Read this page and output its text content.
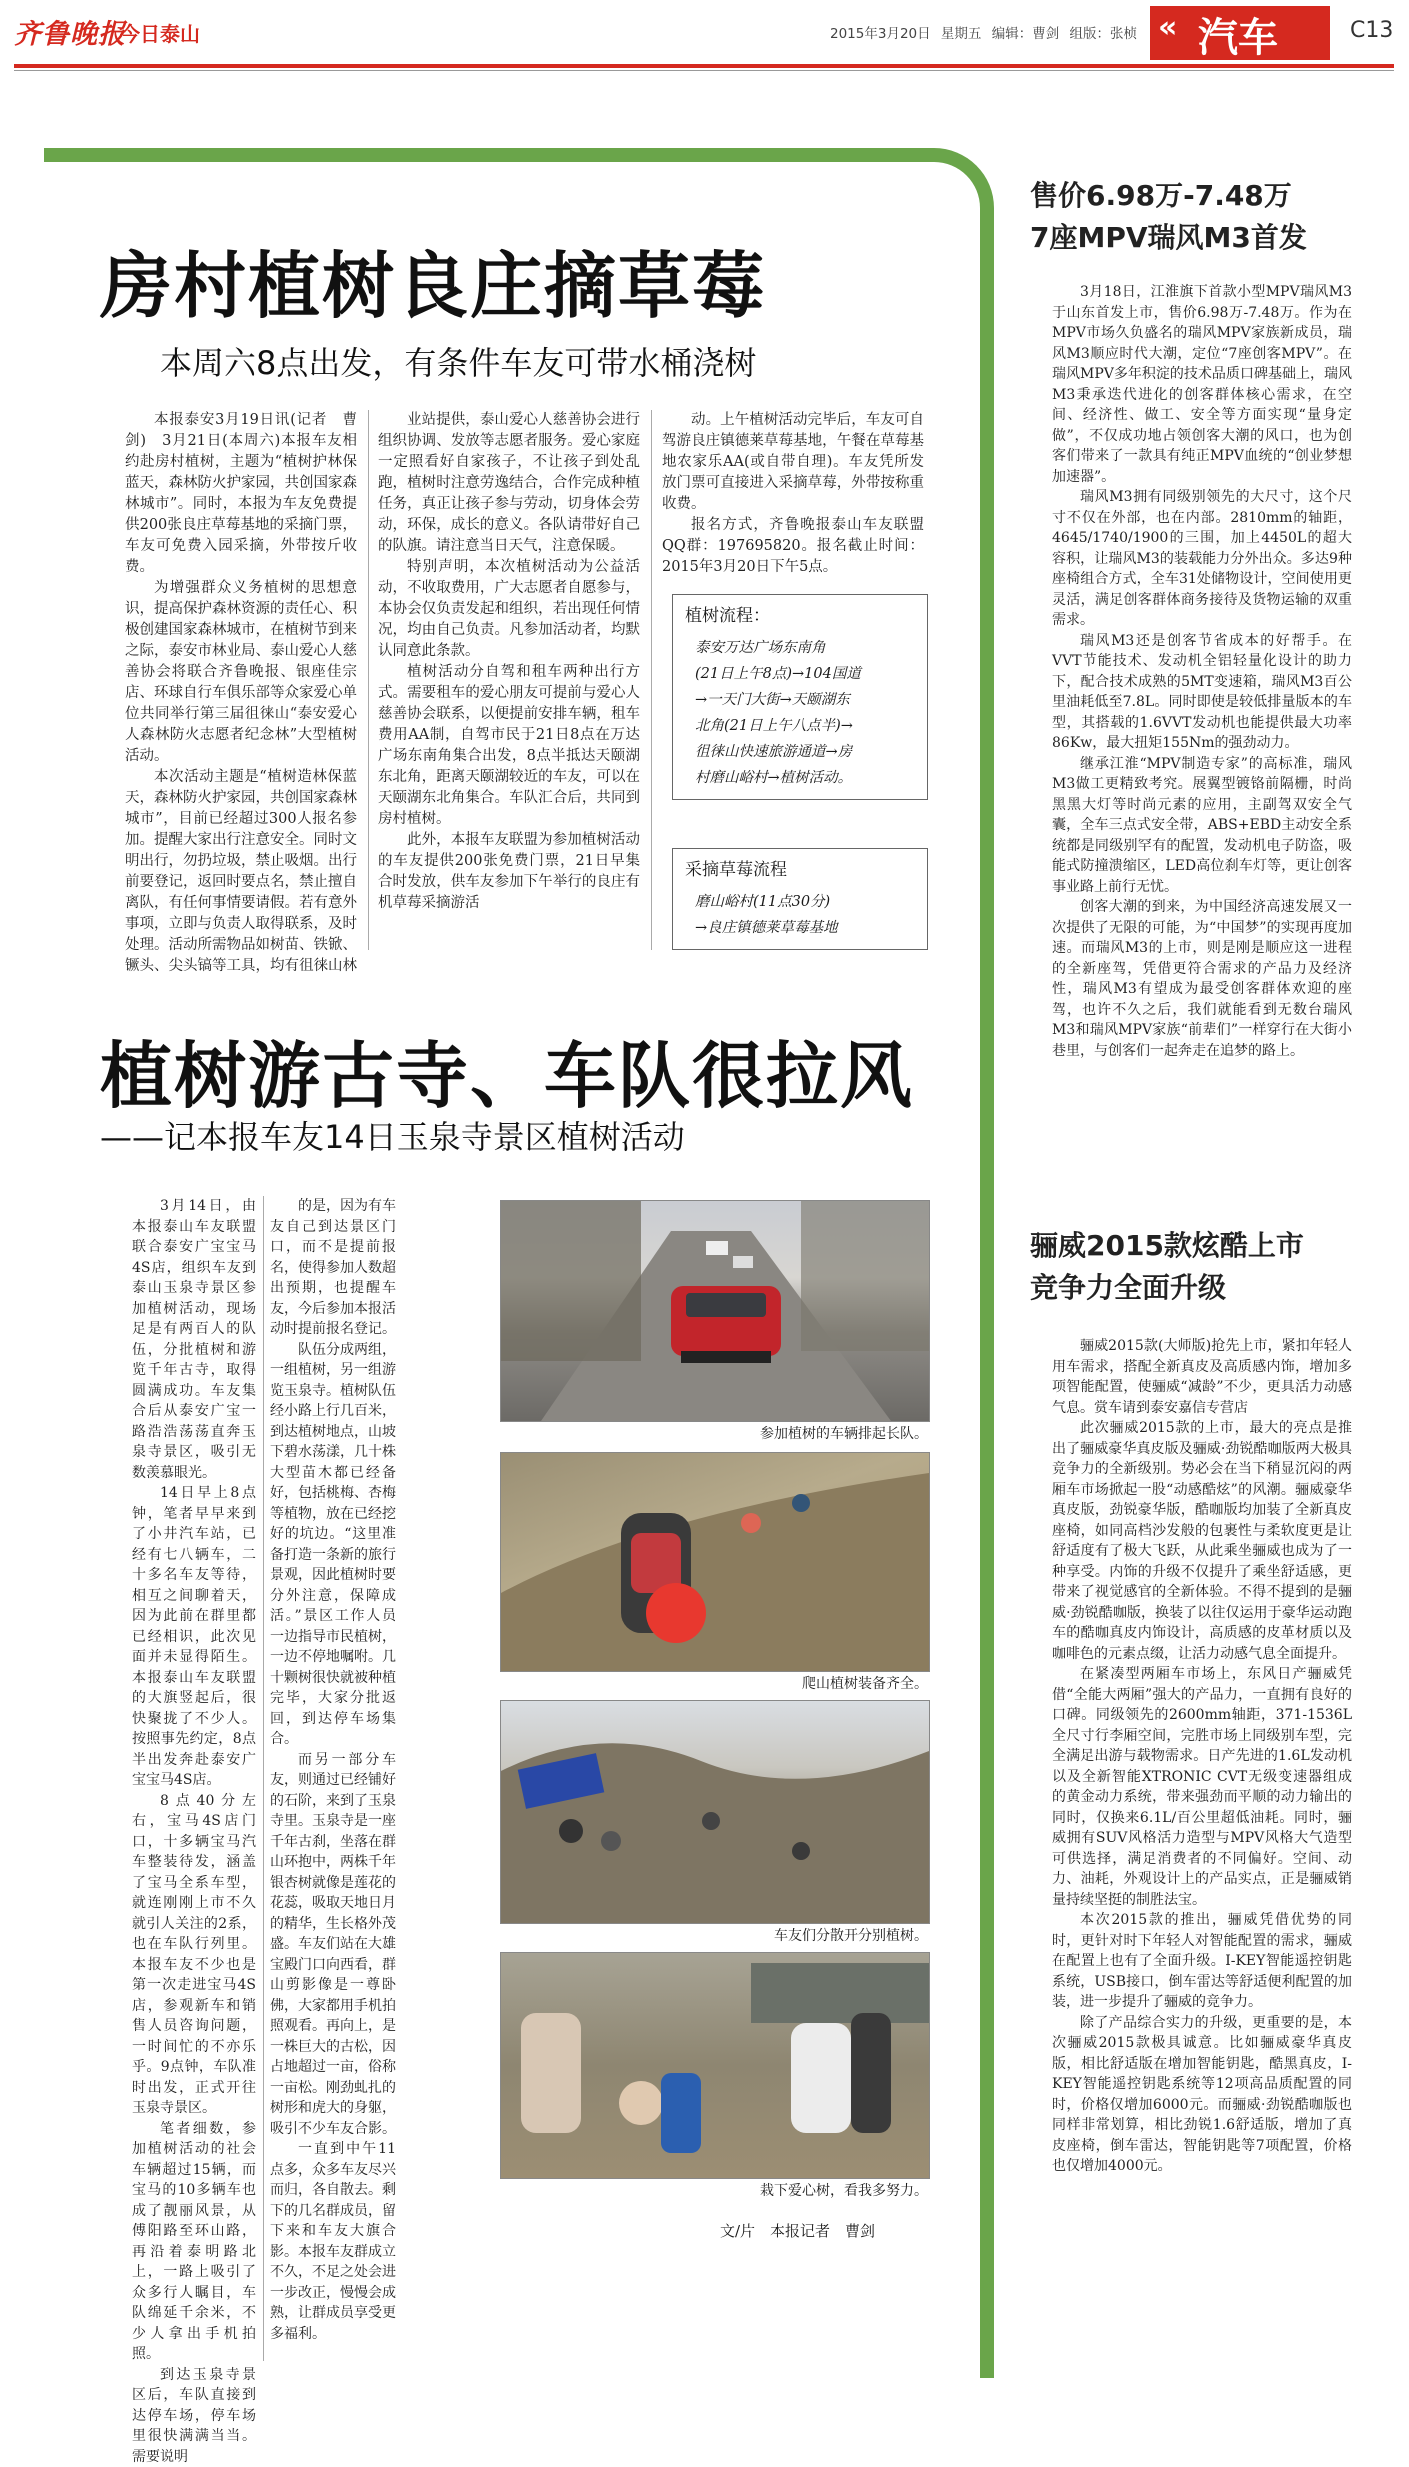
齐鲁晚报
今日泰山	2015年3月20日 星期五 编辑：曹剑 组版：张桢 « 汽车	C13
房村植树良庄摘草莓
本周六8点出发，有条件车友可带水桶浇树

本报泰安3月19日讯(记者　曹剑)　3月21日(本周六)本报车友相约赴房村植树，主题为“植树护林保蓝天，森林防火护家园，共创国家森林城市”。同时，本报为车友免费提供200张良庄草莓基地的采摘门票，车友可免费入园采摘，外带按斤收费。

为增强群众义务植树的思想意识，提高保护森林资源的责任心、积极创建国家森林城市，在植树节到来之际，泰安市林业局、泰山爱心人慈善协会将联合齐鲁晚报、银座佳宗店、环球自行车俱乐部等众家爱心单位共同举行第三届徂徕山“泰安爱心人森林防火志愿者纪念林”大型植树活动。

本次活动主题是“植树造林保蓝天，森林防火护家园，共创国家森林城市”，目前已经超过300人报名参加。提醒大家出行注意安全。同时文明出行，勿扔垃圾，禁止吸烟。出行前要登记，返回时要点名，禁止擅自离队，有任何事情要请假。若有意外事项，立即与负责人取得联系，及时处理。活动所需物品如树苗、铁锨、镢头、尖头镐等工具，均有徂徕山林

业站提供，泰山爱心人慈善协会进行组织协调、发放等志愿者服务。爱心家庭一定照看好自家孩子，不让孩子到处乱跑，植树时注意劳逸结合，合作完成种植任务，真正让孩子参与劳动，切身体会劳动，环保，成长的意义。各队请带好自己的队旗。请注意当日天气，注意保暖。

特别声明，本次植树活动为公益活动，不收取费用，广大志愿者自愿参与，本协会仅负责发起和组织，若出现任何情况，均由自己负责。凡参加活动者，均默认同意此条款。

植树活动分自驾和租车两种出行方式。需要租车的爱心朋友可提前与爱心人慈善协会联系，以便提前安排车辆，租车费用AA制，自驾市民于21日8点在万达广场东南角集合出发，8点半抵达天颐湖东北角，距离天颐湖较近的车友，可以在天颐湖东北角集合。车队汇合后，共同到房村植树。

此外，本报车友联盟为参加植树活动的车友提供200张免费门票，21日早集合时发放，供车友参加下午举行的良庄有机草莓采摘游活

动。上午植树活动完毕后，车友可自驾游良庄镇德莱草莓基地，午餐在草莓基地农家乐AA(或自带自理)。车友凭所发放门票可直接进入采摘草莓，外带按称重收费。

报名方式，齐鲁晚报泰山车友联盟QQ群：197695820。报名截止时间：2015年3月20日下午5点。

植树流程：
泰安万达广场东南角
(21日上午8点)→104国道
→一天门大街→天颐湖东
北角(21日上午八点半)→
徂徕山快速旅游通道→房
村磨山峪村→植树活动。
采摘草莓流程
磨山峪村(11点30分)
→良庄镇德莱草莓基地
植树游古寺、车队很拉风
——记本报车友14日玉泉寺景区植树活动

3月14日，由本报泰山车友联盟联合泰安广宝宝马4S店，组织车友到泰山玉泉寺景区参加植树活动，现场足是有两百人的队伍，分批植树和游览千年古寺，取得圆满成功。车友集合后从泰安广宝一路浩浩荡荡直奔玉泉寺景区，吸引无数羡慕眼光。

14日早上8点钟，笔者早早来到了小井汽车站，已经有七八辆车，二十多名车友等待，相互之间聊着天，因为此前在群里都已经相识，此次见面并未显得陌生。本报泰山车友联盟的大旗竖起后，很快聚拢了不少人。按照事先约定，8点半出发奔赴泰安广宝宝马4S店。

8点40分左右，宝马4S店门口，十多辆宝马汽车整装待发，涵盖了宝马全系车型，就连刚刚上市不久就引人关注的2系，也在车队行列里。本报车友不少也是第一次走进宝马4S店，参观新车和销售人员咨询问题，一时间忙的不亦乐乎。9点钟，车队准时出发，正式开往玉泉寺景区。

笔者细数，参加植树活动的社会车辆超过15辆，而宝马的10多辆车也成了靓丽风景，从傅阳路至环山路，再沿着泰明路北上，一路上吸引了众多行人瞩目，车队绵延千余米，不少人拿出手机拍照。

到达玉泉寺景区后，车队直接到达停车场，停车场里很快满满当当。需要说明

的是，因为有车友自己到达景区门口，而不是提前报名，使得参加人数超出预期，也提醒车友，今后参加本报活动时提前报名登记。

队伍分成两组，一组植树，另一组游览玉泉寺。植树队伍经小路上行几百米，到达植树地点，山坡下碧水荡漾，几十株大型苗木都已经备好，包括桃梅、杏梅等植物，放在已经挖好的坑边。“这里准备打造一条新的旅行景观，因此植树时要分外注意，保障成活。”景区工作人员一边指导市民植树，一边不停地嘱咐。几十颗树很快就被种植完毕，大家分批返回，到达停车场集合。

而另一部分车友，则通过已经铺好的石阶，来到了玉泉寺里。玉泉寺是一座千年古刹，坐落在群山环抱中，两株千年银杏树就像是莲花的花蕊，吸取天地日月的精华，生长格外茂盛。车友们站在大雄宝殿门口向西看，群山剪影像是一尊卧佛，大家都用手机拍照观看。再向上，是一株巨大的古松，因占地超过一亩，俗称一亩松。刚劲虬扎的树形和虎大的身躯，吸引不少车友合影。

一直到中午11点多，众多车友尽兴而归，各自散去。剩下的几名群成员，留下来和车友大旗合影。本报车友群成立不久，不足之处会进一步改正，慢慢会成熟，让群成员享受更多福利。

参加植树的车辆排起长队。
爬山植树装备齐全。
车友们分散开分别植树。
栽下爱心树，看我多努力。
文/片　本报记者　曹剑
售价6.98万-7.48万
7座MPV瑞风M3首发

3月18日，江淮旗下首款小型MPV瑞风M3于山东首发上市，售价6.98万-7.48万。作为在MPV市场久负盛名的瑞风MPV家族新成员，瑞风M3顺应时代大潮，定位“7座创客MPV”。在瑞风MPV多年积淀的技术品质口碑基础上，瑞风M3秉承迭代进化的创客群体核心需求，在空间、经济性、做工、安全等方面实现“量身定做”，不仅成功地占领创客大潮的风口，也为创客们带来了一款具有纯正MPV血统的“创业梦想加速器”。

瑞风M3拥有同级别领先的大尺寸，这个尺寸不仅在外部，也在内部。2810mm的轴距，4645/1740/1900的三围，加上4450L的超大容积，让瑞风M3的装载能力分外出众。多达9种座椅组合方式，全车31处储物设计，空间使用更灵活，满足创客群体商务接待及货物运输的双重需求。

瑞风M3还是创客节省成本的好帮手。在VVT节能技术、发动机全铝轻量化设计的助力下，配合技术成熟的5MT变速箱，瑞风M3百公里油耗低至7.8L。同时即使是较低排量版本的车型，其搭载的1.6VVT发动机也能提供最大功率86Kw，最大扭矩155Nm的强劲动力。

继承江淮“MPV制造专家”的高标准，瑞风M3做工更精致考究。展翼型镀铬前隔栅，时尚黑黑大灯等时尚元素的应用，主副驾双安全气囊，全车三点式安全带，ABS+EBD主动安全系统都是同级别罕有的配置，发动机电子防盗，吸能式防撞溃缩区，LED高位刹车灯等，更让创客事业路上前行无忧。

创客大潮的到来，为中国经济高速发展又一次提供了无限的可能，为“中国梦”的实现再度加速。而瑞风M3的上市，则是刚是顺应这一进程的全新座驾，凭借更符合需求的产品力及经济性，瑞风M3有望成为最受创客群体欢迎的座驾，也许不久之后，我们就能看到无数台瑞风M3和瑞风MPV家族“前辈们”一样穿行在大街小巷里，与创客们一起奔走在追梦的路上。

骊威2015款炫酷上市
竞争力全面升级

骊威2015款(大师版)抢先上市，紧扣年轻人用车需求，搭配全新真皮及高质感内饰，增加多项智能配置，使骊威“减龄”不少，更具活力动感气息。赏车请到泰安嘉信专营店

此次骊威2015款的上市，最大的亮点是推出了骊威豪华真皮版及骊威·劲锐酷咖版两大极具竞争力的全新级别。势必会在当下稍显沉闷的两厢车市场掀起一股“动感酷炫”的风潮。骊威豪华真皮版，劲锐豪华版，酷咖版均加装了全新真皮座椅，如同高档沙发般的包裹性与柔软度更是让舒适度有了极大飞跃，从此乘坐骊威也成为了一种享受。内饰的升级不仅提升了乘坐舒适感，更带来了视觉感官的全新体验。不得不提到的是骊威·劲锐酷咖版，换装了以往仅运用于豪华运动跑车的酷咖真皮内饰设计，高质感的皮革材质以及咖啡色的元素点缀，让活力动感气息全面提升。

在紧凑型两厢车市场上，东风日产骊威凭借“全能大两厢”强大的产品力，一直拥有良好的口碑。同级领先的2600mm轴距，371-1536L全尺寸行李厢空间，完胜市场上同级别车型，完全满足出游与载物需求。日产先进的1.6L发动机以及全新智能XTRONIC CVT无级变速器组成的黄金动力系统，带来强劲而平顺的动力输出的同时，仅换来6.1L/百公里超低油耗。同时，骊威拥有SUV风格活力造型与MPV风格大气造型可供选择，满足消费者的不同偏好。空间、动力、油耗，外观设计上的产品实点，正是骊威销量持续坚挺的制胜法宝。

本次2015款的推出，骊威凭借优势的同时，更针对时下年轻人对智能配置的需求，骊威在配置上也有了全面升级。I-KEY智能遥控钥匙系统，USB接口，倒车雷达等舒适便利配置的加装，进一步提升了骊威的竞争力。

除了产品综合实力的升级，更重要的是，本次骊威2015款极具诚意。比如骊威豪华真皮版，相比舒适版在增加智能钥匙，酷黑真皮，I-KEY智能遥控钥匙系统等12项高品质配置的同时，价格仅增加6000元。而骊威·劲锐酷咖版也同样非常划算，相比劲锐1.6舒适版，增加了真皮座椅，倒车雷达，智能钥匙等7项配置，价格也仅增加4000元。
